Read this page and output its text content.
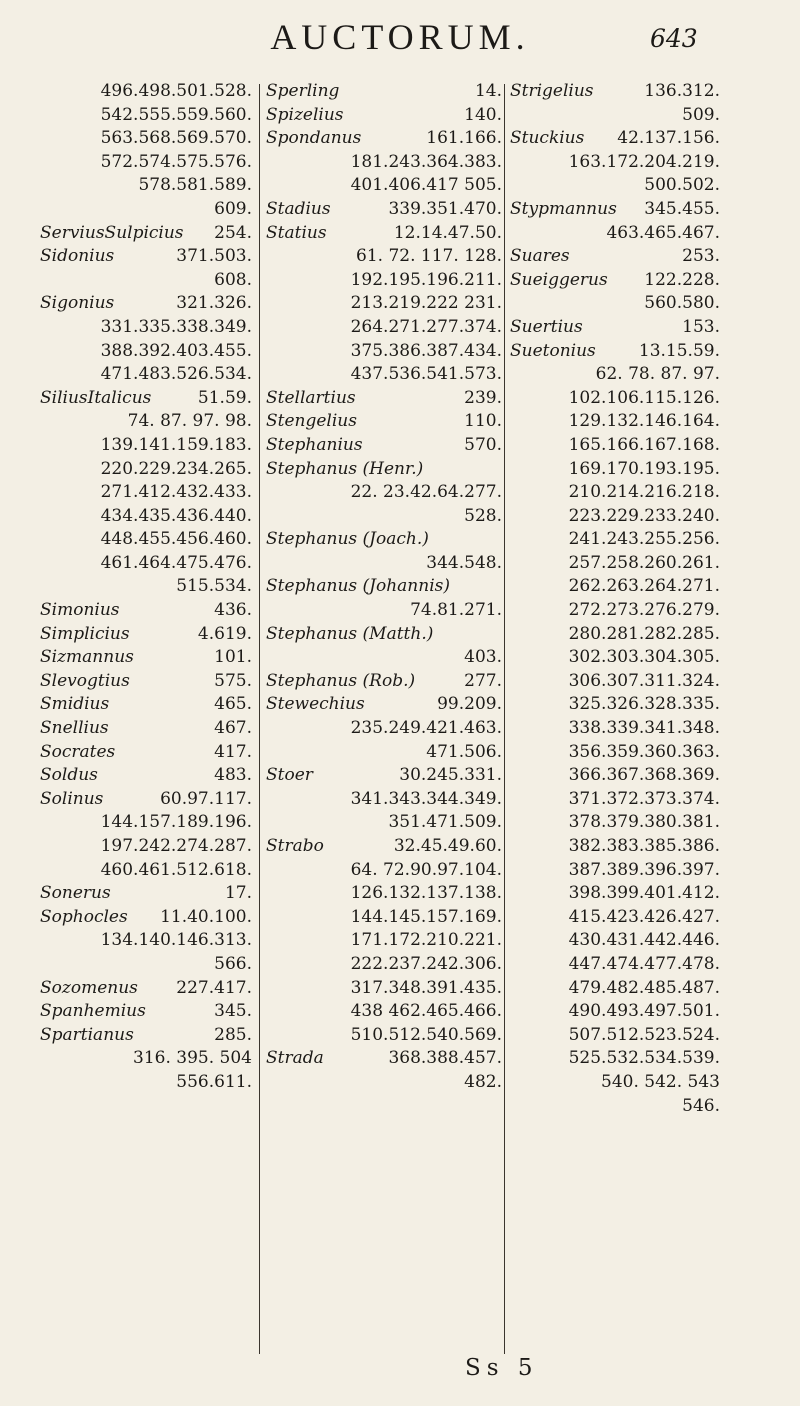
AUCTORUM.	643
496.498.501.528.
542.555.559.560.
563.568.569.570.
572.574.575.576.
578.581.589.
609.
ServiusSulpicius 254.
Sidonius	371.503.
608.
Sigonius	321.326.
331.335.338.349.
388.392.403.455.
471.483.526.534.
SiliusItalicus	51.59.
74. 87. 97. 98.
139.141.159.183.
220.229.234.265.
271.412.432.433.
434.435.436.440.
448.455.456.460.
461.464.475.476.
515.534.
Simonius	436.
Simplicius	4.619.
Sizmannus	101.
Slevogtius	575.
Smidius	465.
Snellius	467.
Socrates	417.
Soldus	483.
Solinus	60.97.117.
144.157.189.196.
197.242.274.287.
460.461.512.618.
Sonerus	17.
Sophocles 11.40.100.
134.140.146.313.
566.
Sozomenus 227.417.
Spanhemius	345.
Spartianus	285.
316. 395. 504
556.611.
Sperling	14.
Spizelius	140.
Spondanus	161.166.
181.243.364.383.
401.406.417 505.
Stadius	339.351.470.
Statius	12.14.47.50.
61. 72. 117. 128.
192.195.196.211.
213.219.222 231.
264.271.277.374.
375.386.387.434.
437.536.541.573.
Stellartius	239.
Stengelius	110.
Stephanius	570.
Stephanus (Henr.)
22. 23.42.64.277.
528.
Stephanus (Joach.)
344.548.
Stephanus (Johannis)
74.81.271.
Stephanus (Matth.)
403.
Stephanus (Rob.)	277.
Stewechius	99.209.
235.249.421.463.
471.506.
Stoer	30.245.331.
341.343.344.349.
351.471.509.
Strabo	32.45.49.60.
64. 72.90.97.104.
126.132.137.138.
144.145.157.169.
171.172.210.221.
222.237.242.306.
317.348.391.435.
438 462.465.466.
510.512.540.569.
Strada	368.388.457.
482.
Strigelius	136.312.
509.
Stuckius 42.137.156.
163.172.204.219.
500.502.
Stypmannus 345.455.
463.465.467.
Suares	253.
Sueiggerus 122.228.
560.580.
Suertius	153.
Suetonius	13.15.59.
62. 78. 87. 97.
102.106.115.126.
129.132.146.164.
165.166.167.168.
169.170.193.195.
210.214.216.218.
223.229.233.240.
241.243.255.256.
257.258.260.261.
262.263.264.271.
272.273.276.279.
280.281.282.285.
302.303.304.305.
306.307.311.324.
325.326.328.335.
338.339.341.348.
356.359.360.363.
366.367.368.369.
371.372.373.374.
378.379.380.381.
382.383.385.386.
387.389.396.397.
398.399.401.412.
415.423.426.427.
430.431.442.446.
447.474.477.478.
479.482.485.487.
490.493.497.501.
507.512.523.524.
525.532.534.539.
540. 542. 543
546.
Ss 5
